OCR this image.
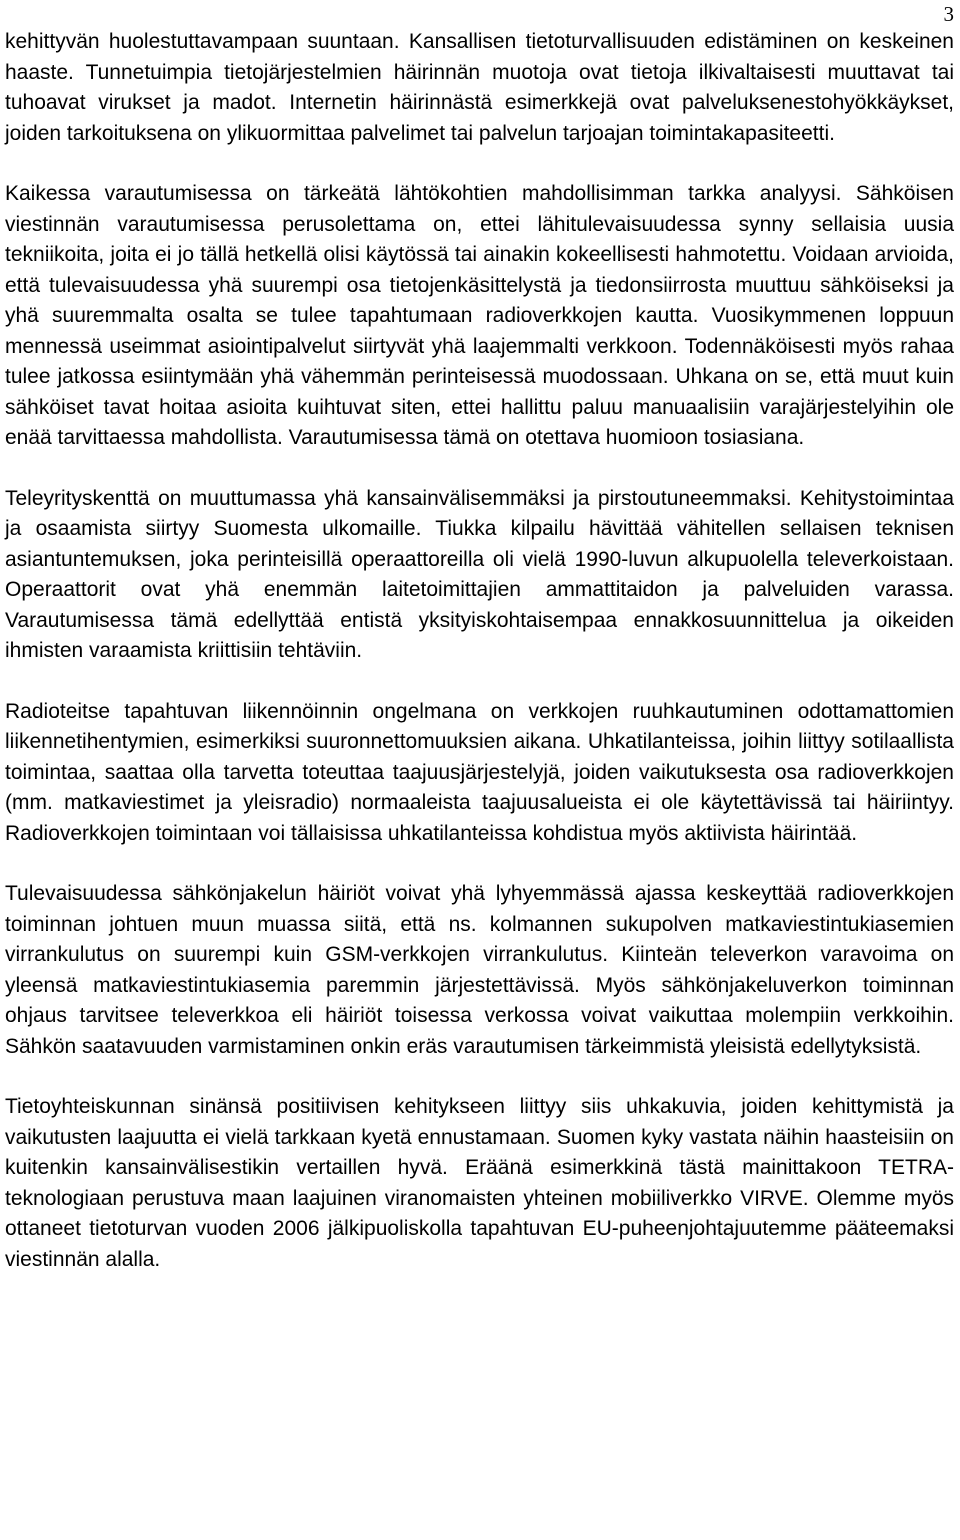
3

kehittyvän huolestuttavampaan suuntaan. Kansallisen tietoturvallisuuden edistäminen on keskeinen haaste. Tunnetuimpia tietojärjestelmien häirinnän muotoja ovat tietoja ilkivaltaisesti muuttavat tai tuhoavat virukset ja madot. Internetin häirinnästä esimerkkejä ovat palveluksenestohyökkäykset, joiden tarkoituksena on ylikuormittaa palvelimet tai palvelun tarjoajan toimintakapasiteetti.

Kaikessa varautumisessa on tärkeätä lähtökohtien mahdollisimman tarkka analyysi. Sähköisen viestinnän varautumisessa perusolettama on, ettei lähitulevaisuudessa synny sellaisia uusia tekniikoita, joita ei jo tällä hetkellä olisi käytössä tai ainakin kokeellisesti hahmotettu. Voidaan arvioida, että tulevaisuudessa yhä suurempi osa tietojenkäsittelystä ja tiedonsiirrosta muuttuu sähköiseksi ja yhä suuremmalta osalta se tulee tapahtumaan radioverkkojen kautta. Vuosikymmenen loppuun mennessä useimmat asiointipalvelut siirtyvät yhä laajemmalti verkkoon. Todennäköisesti myös rahaa tulee jatkossa esiintymään yhä vähemmän perinteisessä muodossaan. Uhkana on se, että muut kuin sähköiset tavat hoitaa asioita kuihtuvat siten, ettei hallittu paluu manuaalisiin varajärjestelyihin ole enää tarvittaessa mahdollista. Varautumisessa tämä on otettava huomioon tosiasiana.

Teleyrityskenttä on muuttumassa yhä kansainvälisemmäksi ja pirstoutuneemmaksi. Kehitystoimintaa ja osaamista siirtyy Suomesta ulkomaille. Tiukka kilpailu hävittää vähitellen sellaisen teknisen asiantuntemuksen, joka perinteisillä operaattoreilla oli vielä 1990-luvun alkupuolella televerkoistaan. Operaattorit ovat yhä enemmän laitetoimittajien ammattitaidon ja palveluiden varassa. Varautumisessa tämä edellyttää entistä yksityiskohtaisempaa ennakkosuunnittelua ja oikeiden ihmisten varaamista kriittisiin tehtäviin.

Radioteitse tapahtuvan liikennöinnin ongelmana on verkkojen ruuhkautuminen odottamattomien liikennetihentymien, esimerkiksi suuronnettomuuksien aikana. Uhkatilanteissa, joihin liittyy sotilaallista toimintaa, saattaa olla tarvetta toteuttaa taajuusjärjestelyjä, joiden vaikutuksesta osa radioverkkojen (mm. matkaviestimet ja yleisradio) normaaleista taajuusalueista ei ole käytettävissä tai häiriintyy. Radioverkkojen toimintaan voi tällaisissa uhkatilanteissa kohdistua myös aktiivista häirintää.

Tulevaisuudessa sähkönjakelun häiriöt voivat yhä lyhyemmässä ajassa keskeyttää radioverkkojen toiminnan johtuen muun muassa siitä, että ns. kolmannen sukupolven matkaviestintukiasemien virrankulutus on suurempi kuin GSM-verkkojen virrankulutus. Kiinteän televerkon varavoima on yleensä matkaviestintukiasemia paremmin järjestettävissä. Myös sähkönjakeluverkon toiminnan ohjaus tarvitsee televerkkoa eli häiriöt toisessa verkossa voivat vaikuttaa molempiin verkkoihin. Sähkön saatavuuden varmistaminen onkin eräs varautumisen tärkeimmistä yleisistä edellytyksistä.

Tietoyhteiskunnan sinänsä positiivisen kehitykseen liittyy siis uhkakuvia, joiden kehittymistä ja vaikutusten laajuutta ei vielä tarkkaan kyetä ennustamaan. Suomen kyky vastata näihin haasteisiin on kuitenkin kansainvälisestikin vertaillen hyvä. Eräänä esimerkkinä tästä mainittakoon TETRA-teknologiaan perustuva maan laajuinen viranomaisten yhteinen mobiiliverkko VIRVE. Olemme myös ottaneet tietoturvan vuoden 2006 jälkipuoliskolla tapahtuvan EU-puheenjohtajuutemme pääteemaksi viestinnän alalla.
